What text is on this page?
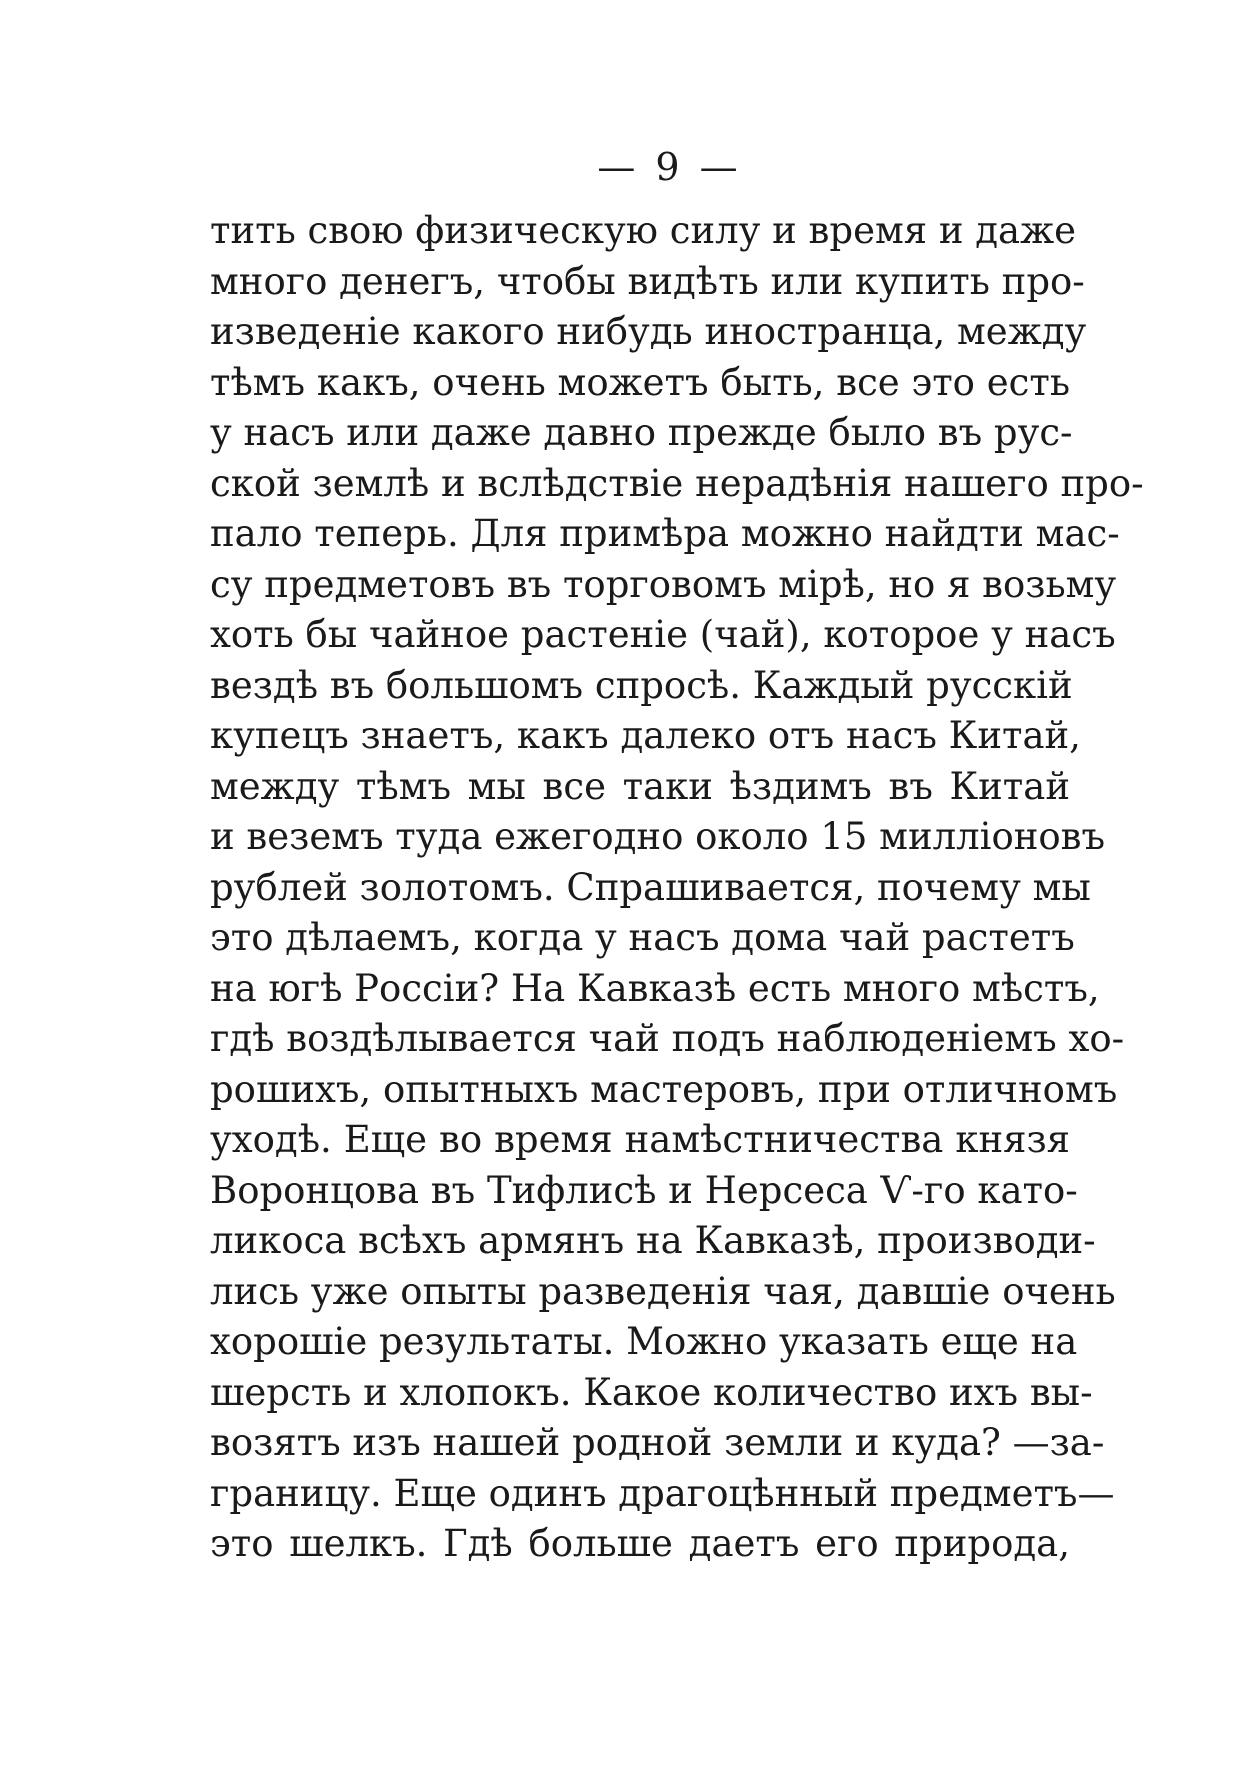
— 9 —
тить свою физическую силу и время и даже
много денегъ, чтобы видѣть или купить про-
изведеніе какого нибудь иностранца, между
тѣмъ какъ, очень можетъ быть, все это есть
у насъ или даже давно прежде было въ рус-
ской землѣ и вслѣдствіе нерадѣнія нашего про-
пало теперь. Для примѣра можно найдти мас-
су предметовъ въ торговомъ мірѣ, но я возьму
хоть бы чайное растеніе (чай), которое у насъ
вездѣ въ большомъ спросѣ. Каждый русскій
купецъ знаетъ, какъ далеко отъ насъ Китай,
между тѣмъ мы все таки ѣздимъ въ Китай
и веземъ туда ежегодно около 15 милліоновъ
рублей золотомъ. Спрашивается, почему мы
это дѣлаемъ, когда у насъ дома чай растетъ
на югѣ Россіи? На Кавказѣ есть много мѣстъ,
гдѣ воздѣлывается чай подъ наблюденіемъ хо-
рошихъ, опытныхъ мастеровъ, при отличномъ
уходѣ. Еще во время намѣстничества князя
Воронцова въ Тифлисѣ и Нерсеса Ѵ-го като-
ликоса всѣхъ армянъ на Кавказѣ, производи-
лись уже опыты разведенія чая, давшіе очень
хорошіе результаты. Можно указать еще на
шерсть и хлопокъ. Какое количество ихъ вы-
возятъ изъ нашей родной земли и куда? —за-
границу. Еще одинъ драгоцѣнный предметъ—
это шелкъ. Гдѣ больше даетъ его природа,
